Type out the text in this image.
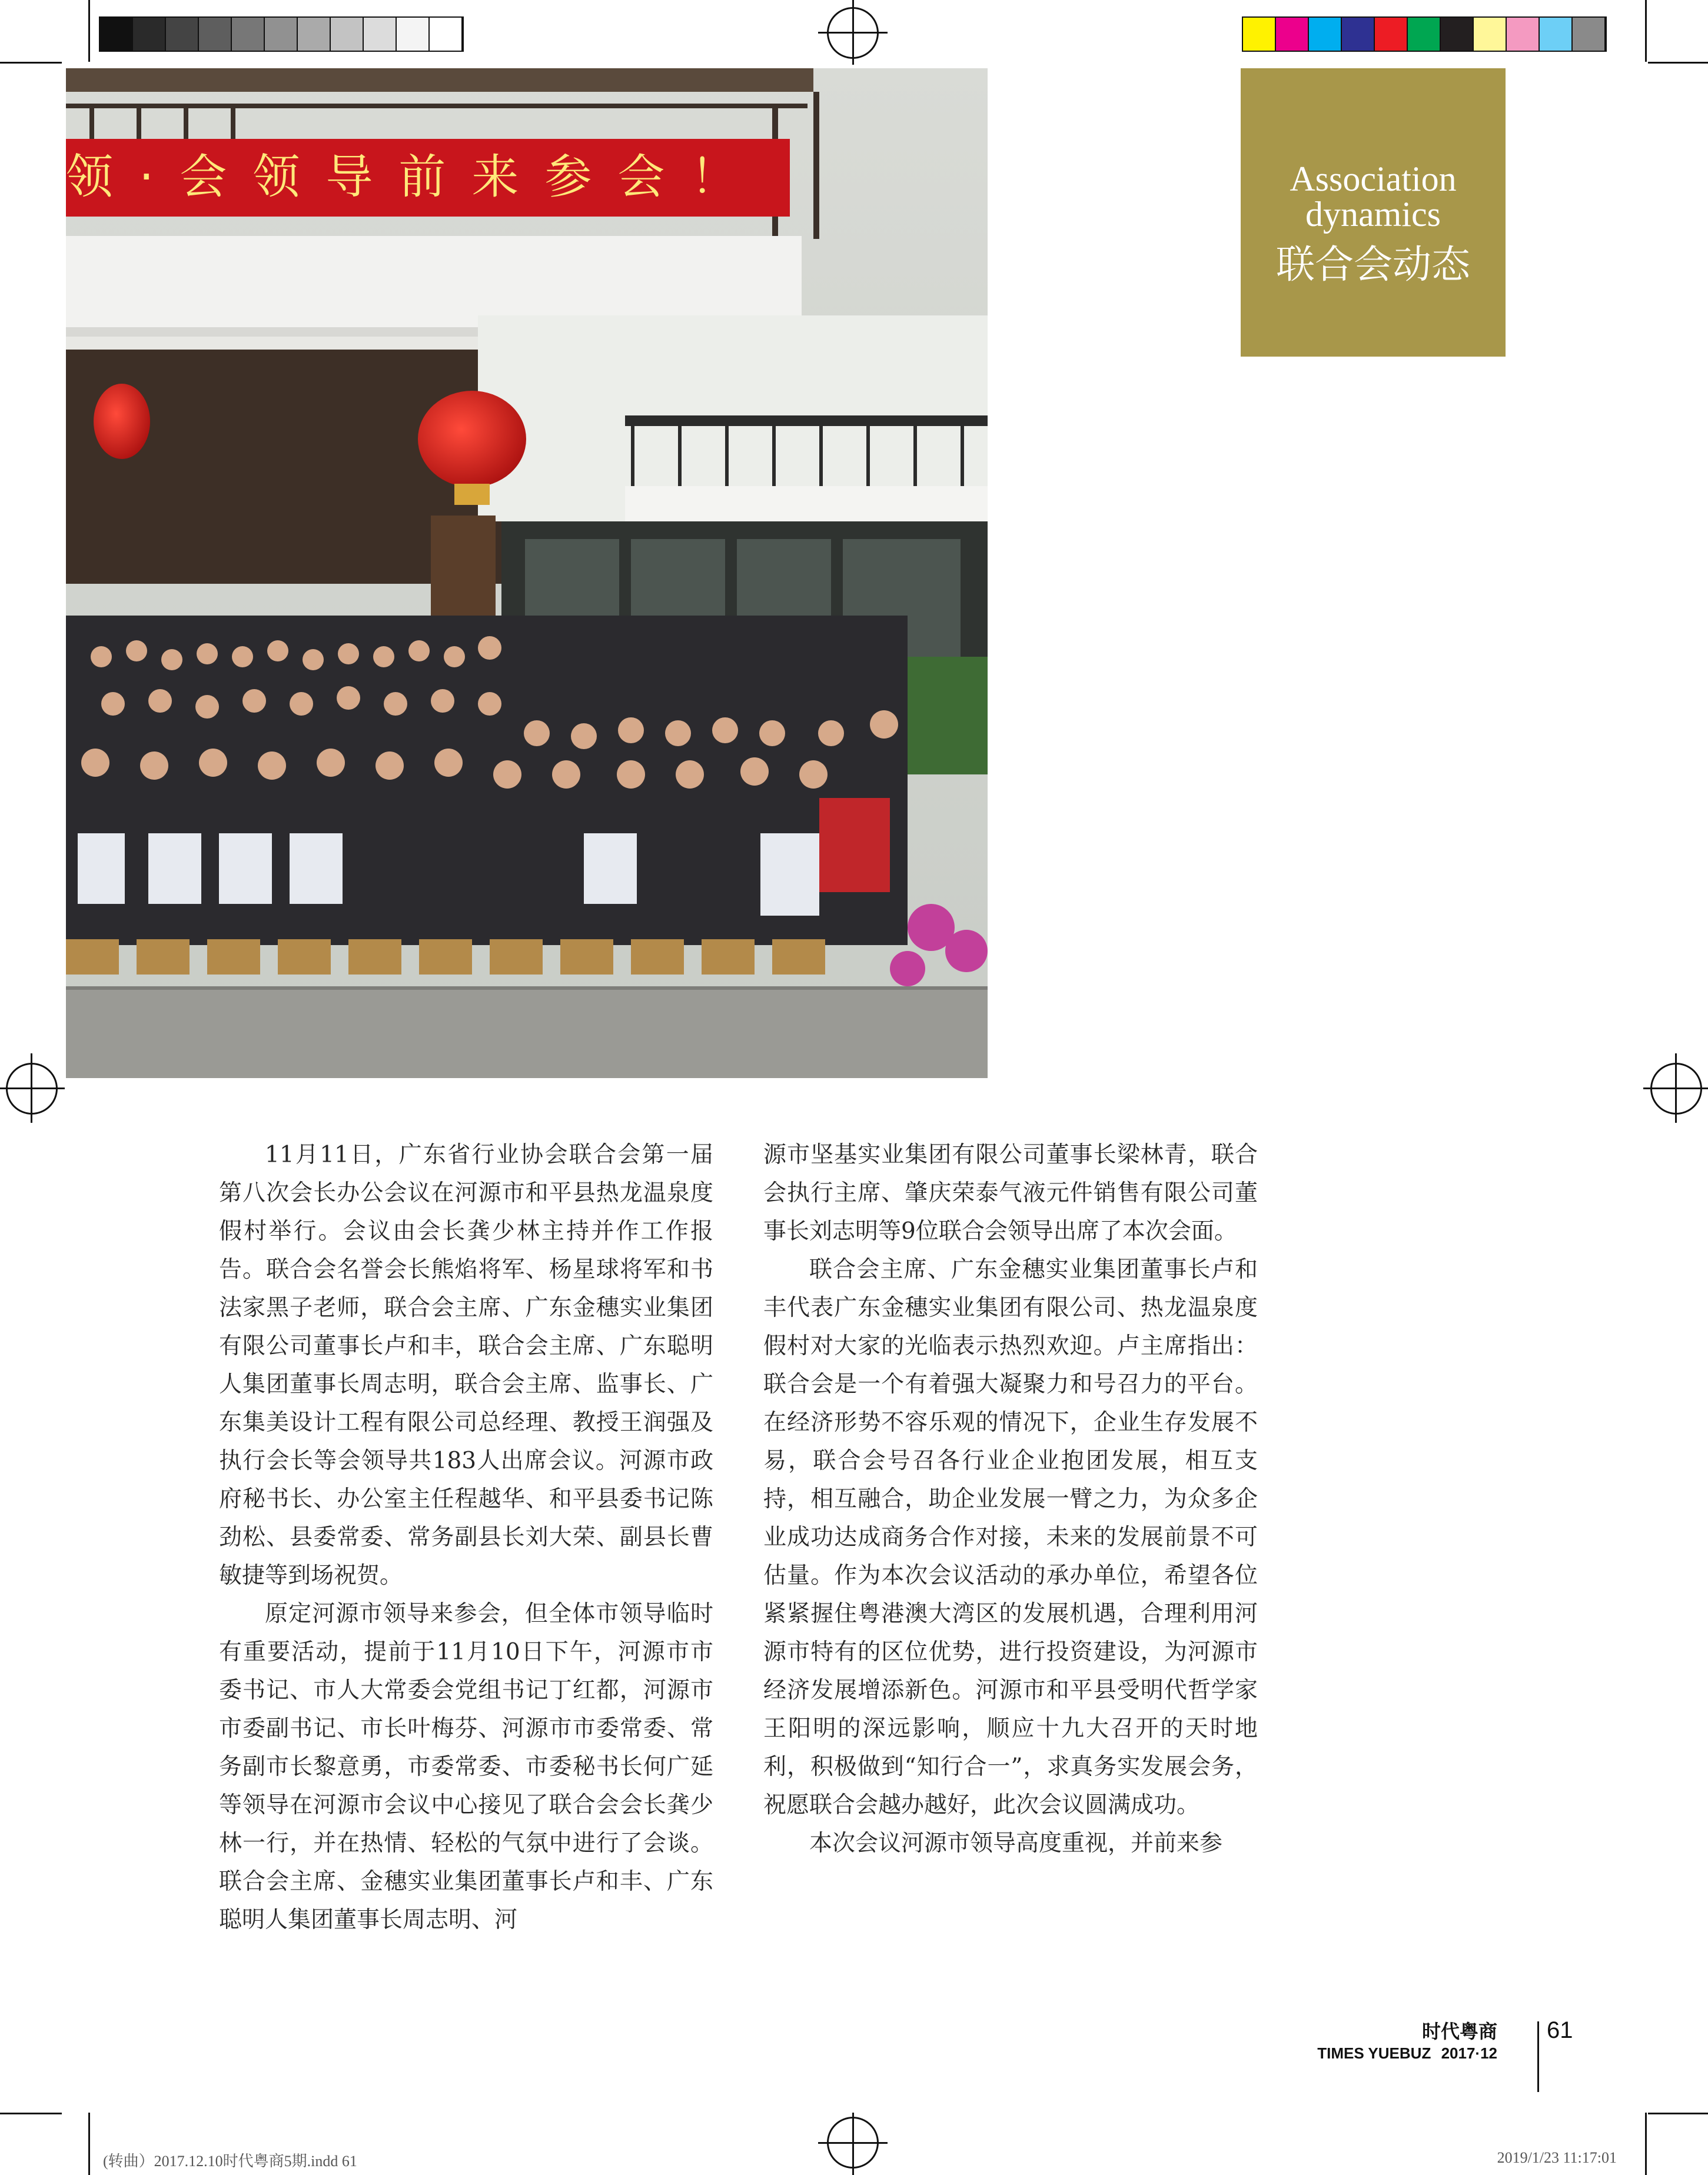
领·会领导前来参会！	Association dynamics
联合会动态

11月11日，广东省行业协会联合会第一届第八次会长办公会议在河源市和平县热龙温泉度假村举行。会议由会长龚少林主持并作工作报告。联合会名誉会长熊焰将军、杨星球将军和书法家黑子老师，联合会主席、广东金穗实业集团有限公司董事长卢和丰，联合会主席、广东聪明人集团董事长周志明，联合会主席、监事长、广东集美设计工程有限公司总经理、教授王润强及执行会长等会领导共183人出席会议。河源市政府秘书长、办公室主任程越华、和平县委书记陈劲松、县委常委、常务副县长刘大荣、副县长曹敏捷等到场祝贺。

原定河源市领导来参会，但全体市领导临时有重要活动，提前于11月10日下午，河源市市委书记、市人大常委会党组书记丁红都，河源市市委副书记、市长叶梅芬、河源市市委常委、常务副市长黎意勇，市委常委、市委秘书长何广延等领导在河源市会议中心接见了联合会会长龚少林一行，并在热情、轻松的气氛中进行了会谈。联合会主席、金穗实业集团董事长卢和丰、广东聪明人集团董事长周志明、河

源市坚基实业集团有限公司董事长梁林青，联合会执行主席、肇庆荣泰气液元件销售有限公司董事长刘志明等9位联合会领导出席了本次会面。

联合会主席、广东金穗实业集团董事长卢和丰代表广东金穗实业集团有限公司、热龙温泉度假村对大家的光临表示热烈欢迎。卢主席指出：联合会是一个有着强大凝聚力和号召力的平台。在经济形势不容乐观的情况下，企业生存发展不易，联合会号召各行业企业抱团发展，相互支持，相互融合，助企业发展一臂之力，为众多企业成功达成商务合作对接，未来的发展前景不可估量。作为本次会议活动的承办单位，希望各位紧紧握住粤港澳大湾区的发展机遇，合理利用河源市特有的区位优势，进行投资建设，为河源市经济发展增添新色。河源市和平县受明代哲学家王阳明的深远影响，顺应十九大召开的天时地利，积极做到“知行合一”，求真务实发展会务，祝愿联合会越办越好，此次会议圆满成功。

本次会议河源市领导高度重视，并前来参

时代粤商
TIMES YUEBUZ 2017·12
61
(转曲）2017.12.10时代粤商5期.indd 61	2019/1/23 11:17:01
